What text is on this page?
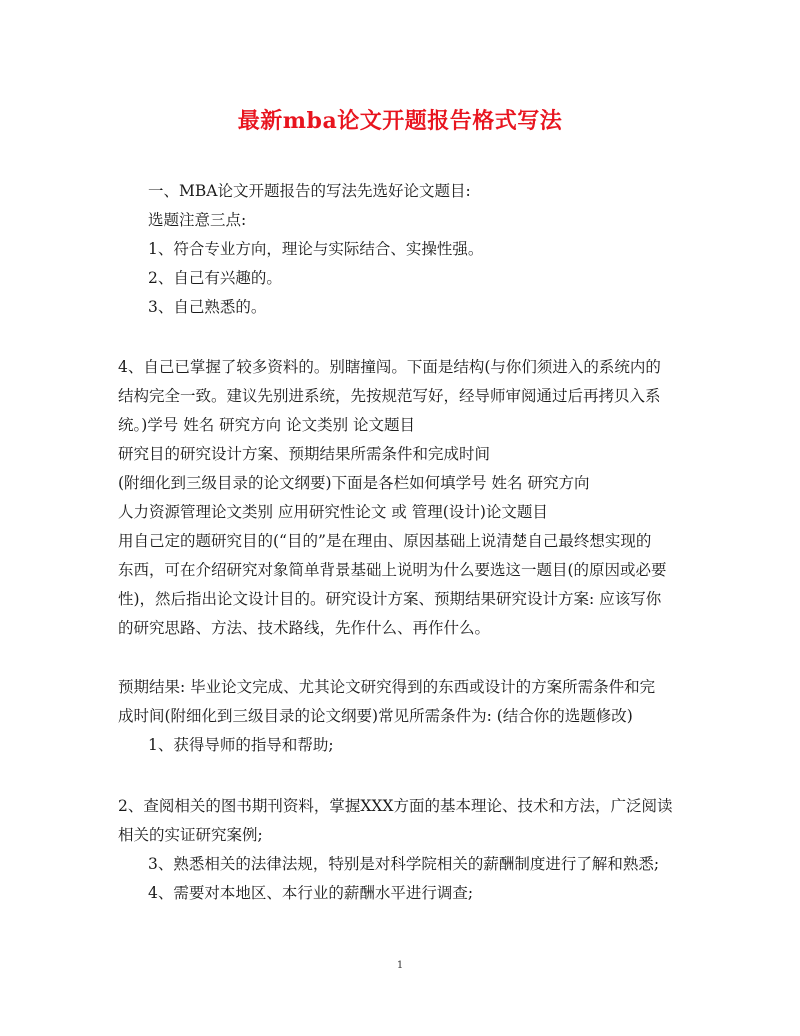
最新mba论文开题报告格式写法
一、MBA论文开题报告的写法先选好论文题目:
选题注意三点:
1、符合专业方向，理论与实际结合、实操性强。
2、自己有兴趣的。
3、自己熟悉的。
4、自己已掌握了较多资料的。别瞎撞闯。下面是结构(与你们须进入的系统内的
结构完全一致。建议先别进系统，先按规范写好，经导师审阅通过后再拷贝入系
统。)学号 姓名 研究方向 论文类别 论文题目
研究目的研究设计方案、预期结果所需条件和完成时间
(附细化到三级目录的论文纲要)下面是各栏如何填学号 姓名 研究方向
人力资源管理论文类别 应用研究性论文 或 管理(设计)论文题目
用自己定的题研究目的(“目的”是在理由、原因基础上说清楚自己最终想实现的
东西，可在介绍研究对象简单背景基础上说明为什么要选这一题目(的原因或必要
性)，然后指出论文设计目的。研究设计方案、预期结果研究设计方案: 应该写你
的研究思路、方法、技术路线，先作什么、再作什么。
预期结果: 毕业论文完成、尤其论文研究得到的东西或设计的方案所需条件和完
成时间(附细化到三级目录的论文纲要)常见所需条件为: (结合你的选题修改)
1、获得导师的指导和帮助;
2、查阅相关的图书期刊资料，掌握XXX方面的基本理论、技术和方法，广泛阅读
相关的实证研究案例;
3、熟悉相关的法律法规，特别是对科学院相关的薪酬制度进行了解和熟悉;
4、需要对本地区、本行业的薪酬水平进行调查;
1
